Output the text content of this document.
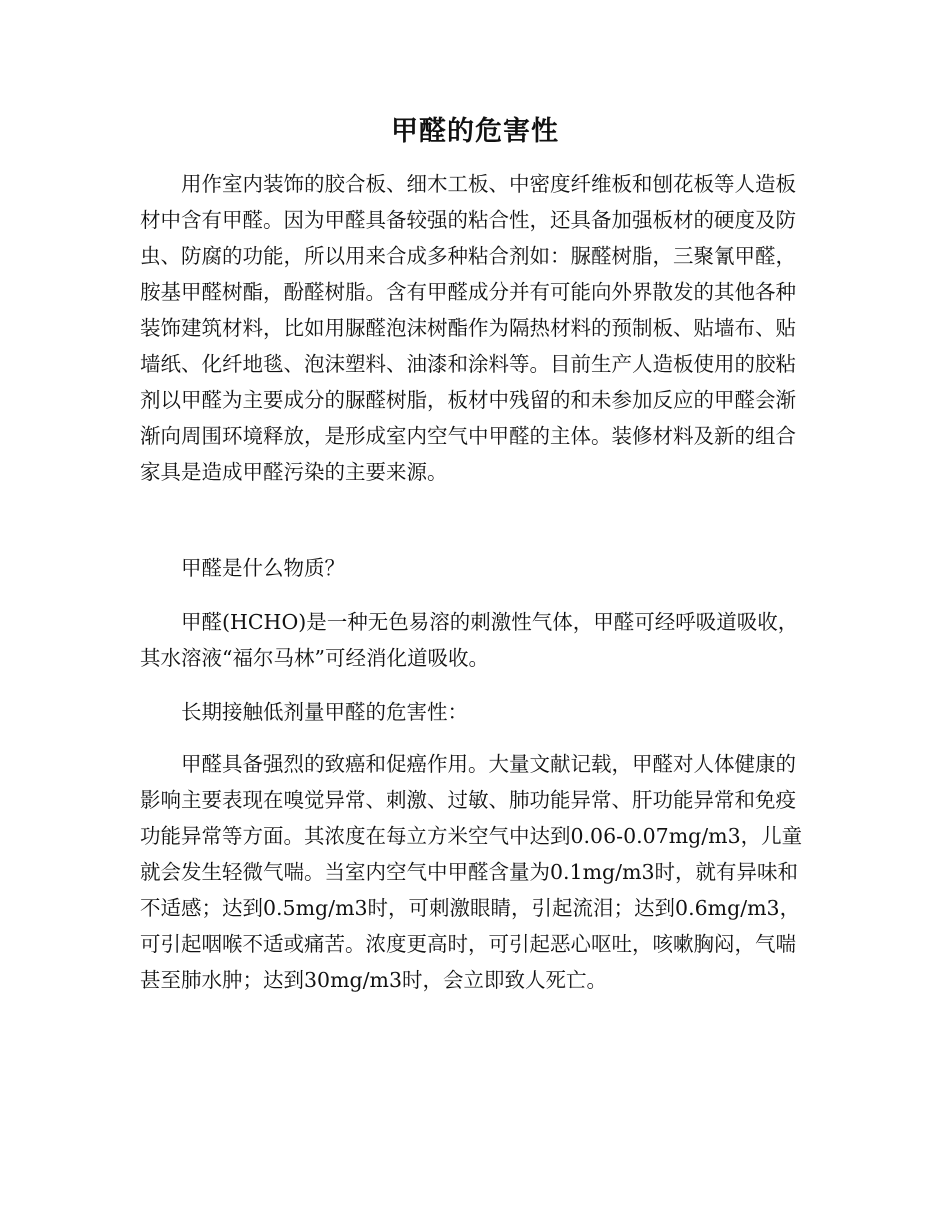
甲醛的危害性

用作室内装饰的胶合板、细木工板、中密度纤维板和刨花板等人造板材中含有甲醛。因为甲醛具备较强的粘合性，还具备加强板材的硬度及防虫、防腐的功能，所以用来合成多种粘合剂如：脲醛树脂，三聚氰甲醛，胺基甲醛树酯，酚醛树脂。含有甲醛成分并有可能向外界散发的其他各种装饰建筑材料，比如用脲醛泡沫树酯作为隔热材料的预制板、贴墙布、贴墙纸、化纤地毯、泡沫塑料、油漆和涂料等。目前生产人造板使用的胶粘剂以甲醛为主要成分的脲醛树脂，板材中残留的和未参加反应的甲醛会渐渐向周围环境释放，是形成室内空气中甲醛的主体。装修材料及新的组合家具是造成甲醛污染的主要来源。

甲醛是什么物质？

甲醛(HCHO)是一种无色易溶的刺激性气体，甲醛可经呼吸道吸收，其水溶液“福尔马林”可经消化道吸收。

长期接触低剂量甲醛的危害性：

甲醛具备强烈的致癌和促癌作用。大量文献记载，甲醛对人体健康的影响主要表现在嗅觉异常、刺激、过敏、肺功能异常、肝功能异常和免疫功能异常等方面。其浓度在每立方米空气中达到0.06-0.07mg/m3，儿童就会发生轻微气喘。当室内空气中甲醛含量为0.1mg/m3时，就有异味和不适感；达到0.5mg/m3时，可刺激眼睛，引起流泪；达到0.6mg/m3，可引起咽喉不适或痛苦。浓度更高时，可引起恶心呕吐，咳嗽胸闷，气喘甚至肺水肿；达到30mg/m3时，会立即致人死亡。
